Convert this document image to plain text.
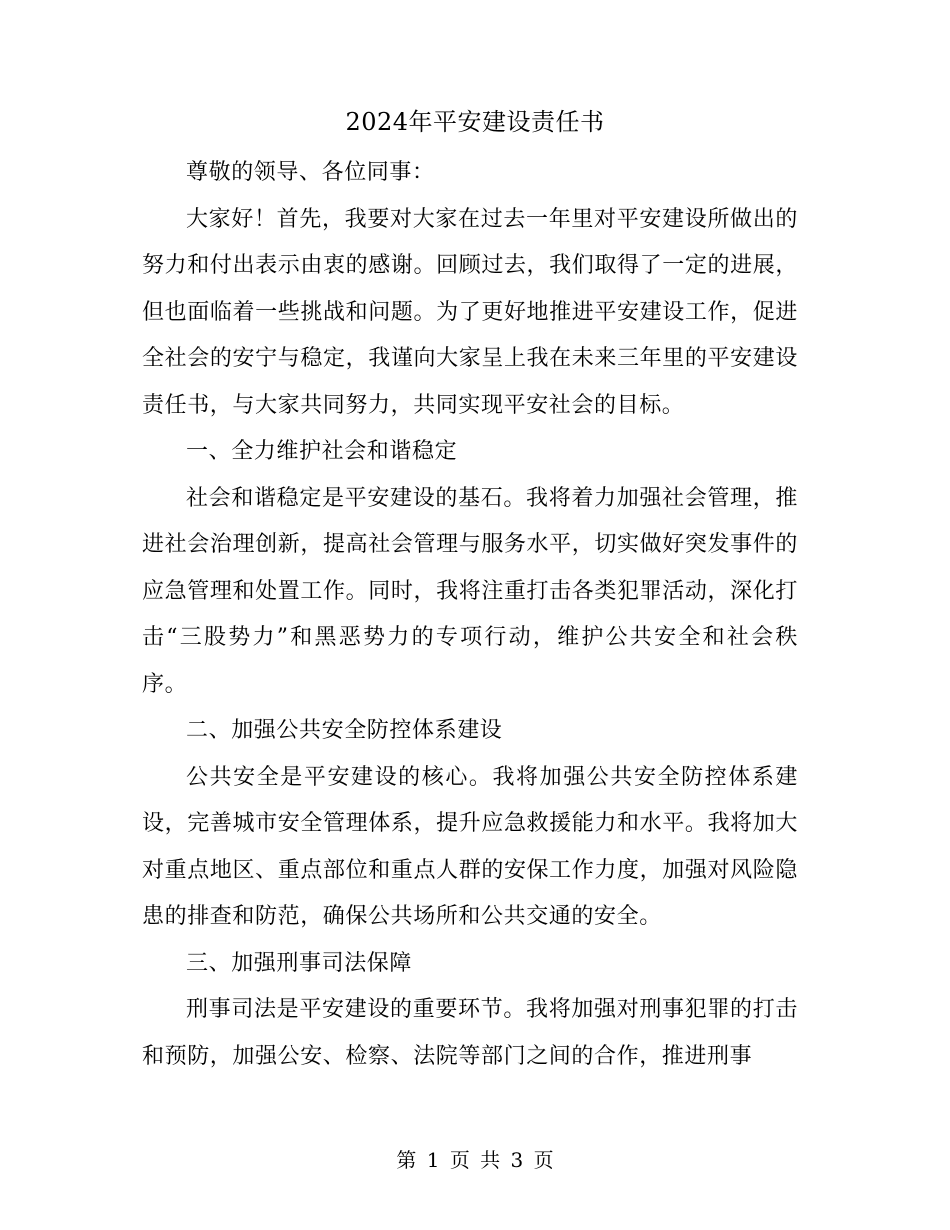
2024年平安建设责任书

尊敬的领导、各位同事：

大家好！首先，我要对大家在过去一年里对平安建设所做出的努力和付出表示由衷的感谢。回顾过去，我们取得了一定的进展，但也面临着一些挑战和问题。为了更好地推进平安建设工作，促进全社会的安宁与稳定，我谨向大家呈上我在未来三年里的平安建设责任书，与大家共同努力，共同实现平安社会的目标。

一、全力维护社会和谐稳定

社会和谐稳定是平安建设的基石。我将着力加强社会管理，推进社会治理创新，提高社会管理与服务水平，切实做好突发事件的应急管理和处置工作。同时，我将注重打击各类犯罪活动，深化打击“三股势力”和黑恶势力的专项行动，维护公共安全和社会秩序。

二、加强公共安全防控体系建设

公共安全是平安建设的核心。我将加强公共安全防控体系建设，完善城市安全管理体系，提升应急救援能力和水平。我将加大对重点地区、重点部位和重点人群的安保工作力度，加强对风险隐患的排查和防范，确保公共场所和公共交通的安全。

三、加强刑事司法保障

刑事司法是平安建设的重要环节。我将加强对刑事犯罪的打击和预防，加强公安、检察、法院等部门之间的合作，推进刑事

第 1 页 共 3 页
